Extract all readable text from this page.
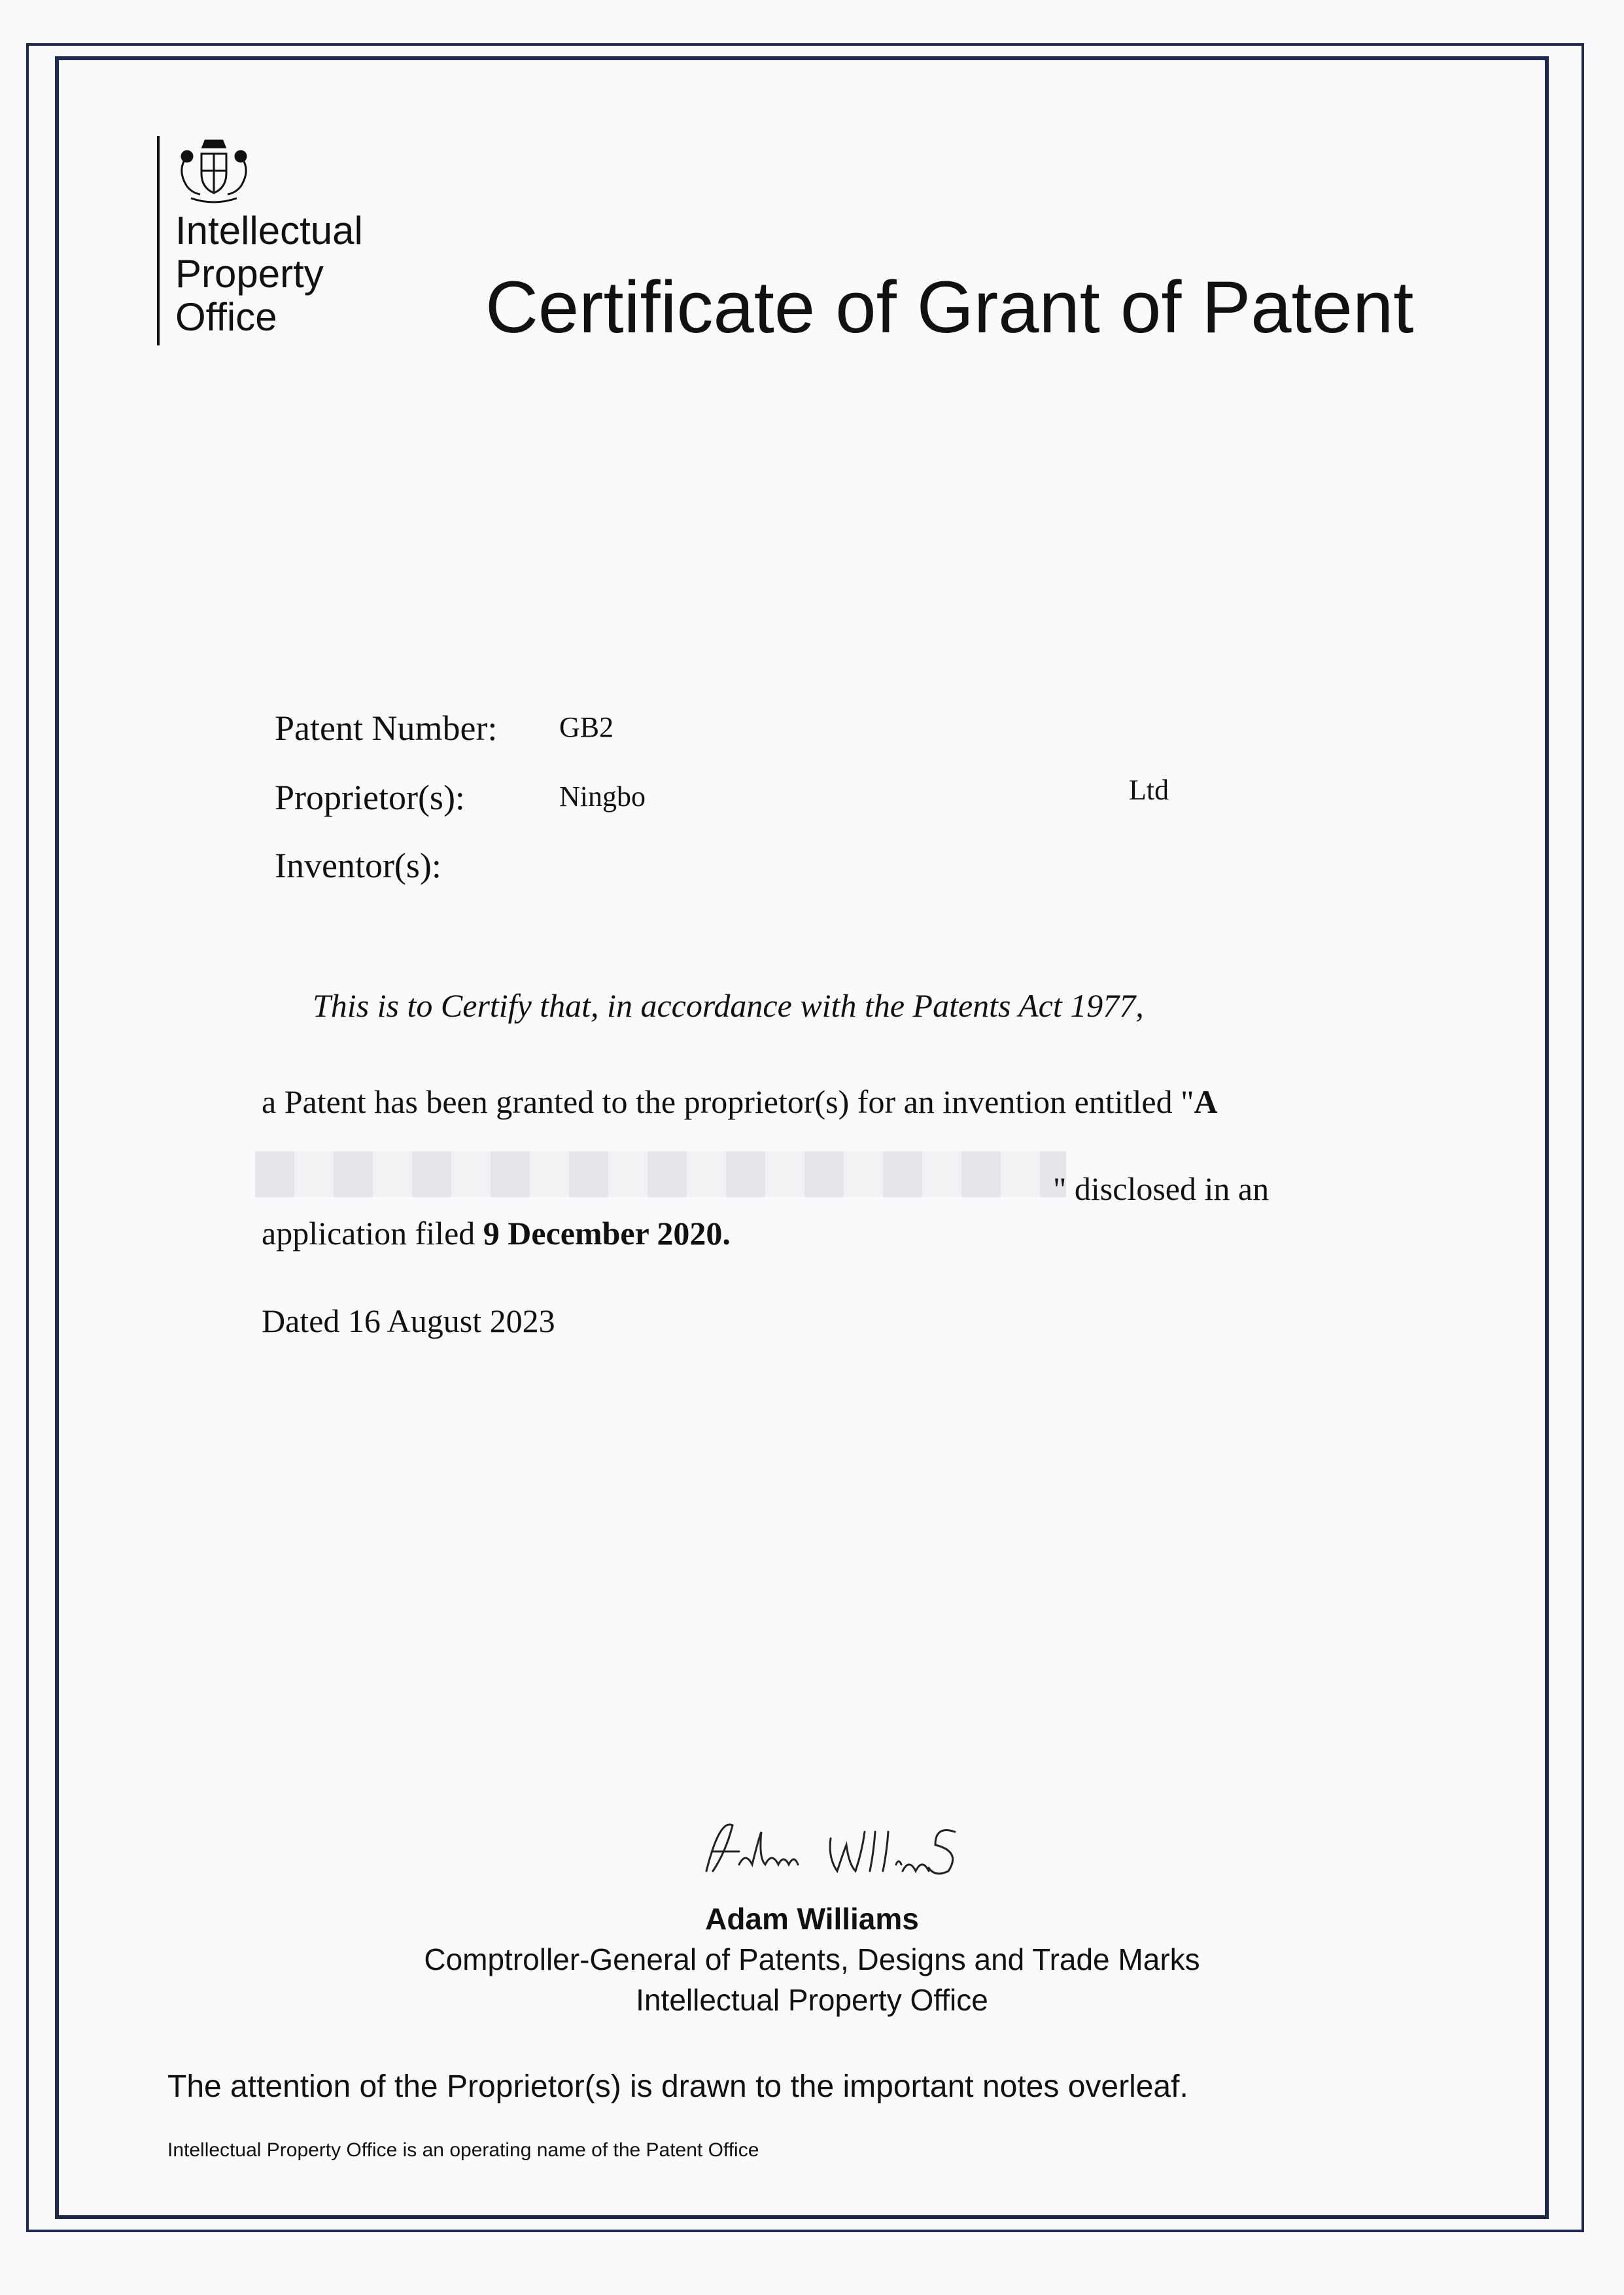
Intellectual
Property
Office	Certificate of Grant of Patent
Patent Number: GB2
Proprietor(s):	Ningbo	Ltd
Inventor(s):
This is to Certify that, in accordance with the Patents Act 1977,
a Patent has been granted to the proprietor(s) for an invention entitled "A
" disclosed in an
application filed 9 December 2020.
Dated 16 August 2023
Adam Williams
Comptroller-General of Patents, Designs and Trade Marks
Intellectual Property Office
The attention of the Proprietor(s) is drawn to the important notes overleaf.
Intellectual Property Office is an operating name of the Patent Office
